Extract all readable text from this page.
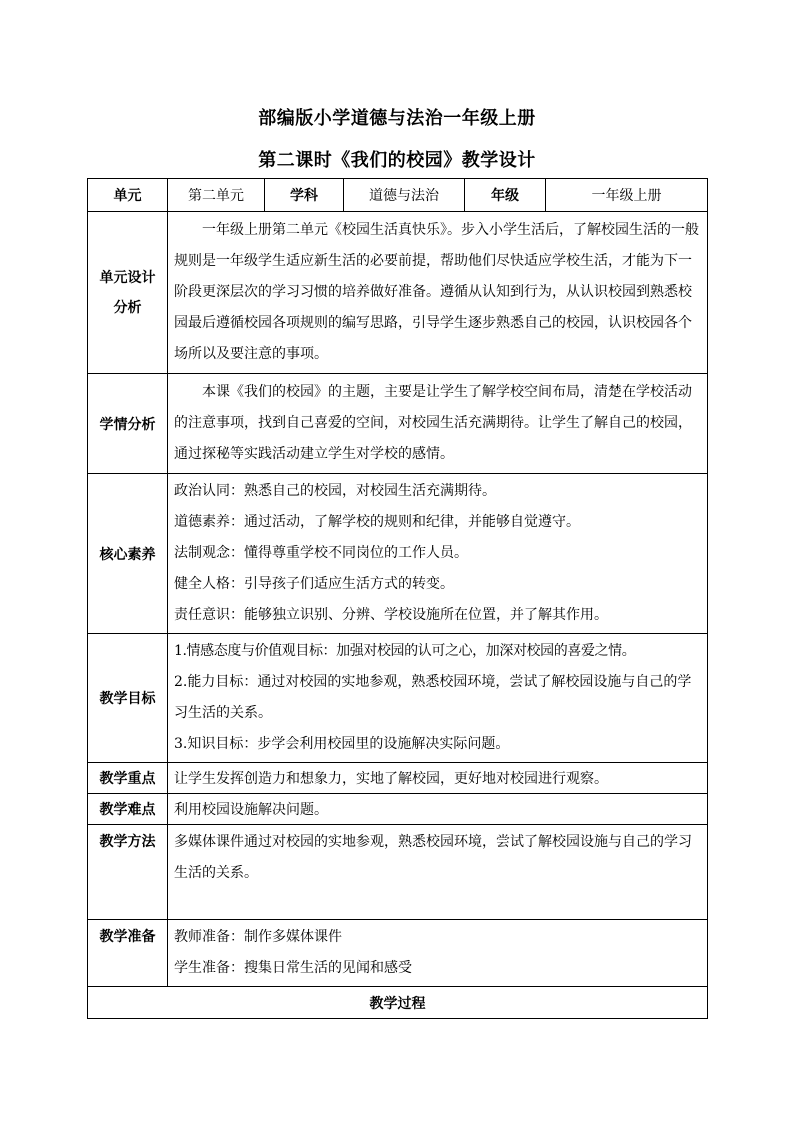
部编版小学道德与法治一年级上册
第二课时《我们的校园》教学设计
单元	第二单元	学科	道德与法治	年级	一年级上册

单元设计
分析	一年级上册第二单元《校园生活真快乐》。步入小学生活后，了解校园生活的一般规则是一年级学生适应新生活的必要前提，帮助他们尽快适应学校生活，才能为下一阶段更深层次的学习习惯的培养做好准备。遵循从认知到行为，从认识校园到熟悉校园最后遵循校园各项规则的编写思路，引导学生逐步熟悉自己的校园，认识校园各个场所以及要注意的事项。				
学情分析	本课《我们的校园》的主题，主要是让学生了解学校空间布局，清楚在学校活动的注意事项，找到自己喜爱的空间，对校园生活充满期待。让学生了解自己的校园，通过探秘等实践活动建立学生对学校的感情。				
核心素养	政治认同：熟悉自己的校园，对校园生活充满期待。
道德素养：通过活动，了解学校的规则和纪律，并能够自觉遵守。
法制观念：懂得尊重学校不同岗位的工作人员。
健全人格：引导孩子们适应生活方式的转变。
责任意识：能够独立识别、分辨、学校设施所在位置，并了解其作用。				

教学目标	1.情感态度与价值观目标：加强对校园的认可之心，加深对校园的喜爱之情。
2.能力目标：通过对校园的实地参观，熟悉校园环境，尝试了解校园设施与自己的学习生活的关系。
3.知识目标：步学会利用校园里的设施解决实际问题。				

教学重点	让学生发挥创造力和想象力，实地了解校园，更好地对校园进行观察。				
教学难点	利用校园设施解决问题。				
教学方法	多媒体课件通过对校园的实地参观，熟悉校园环境，尝试了解校园设施与自己的学习生活的关系。				
教学准备	教师准备：制作多媒体课件
学生准备：搜集日常生活的见闻和感受				

教学过程					
